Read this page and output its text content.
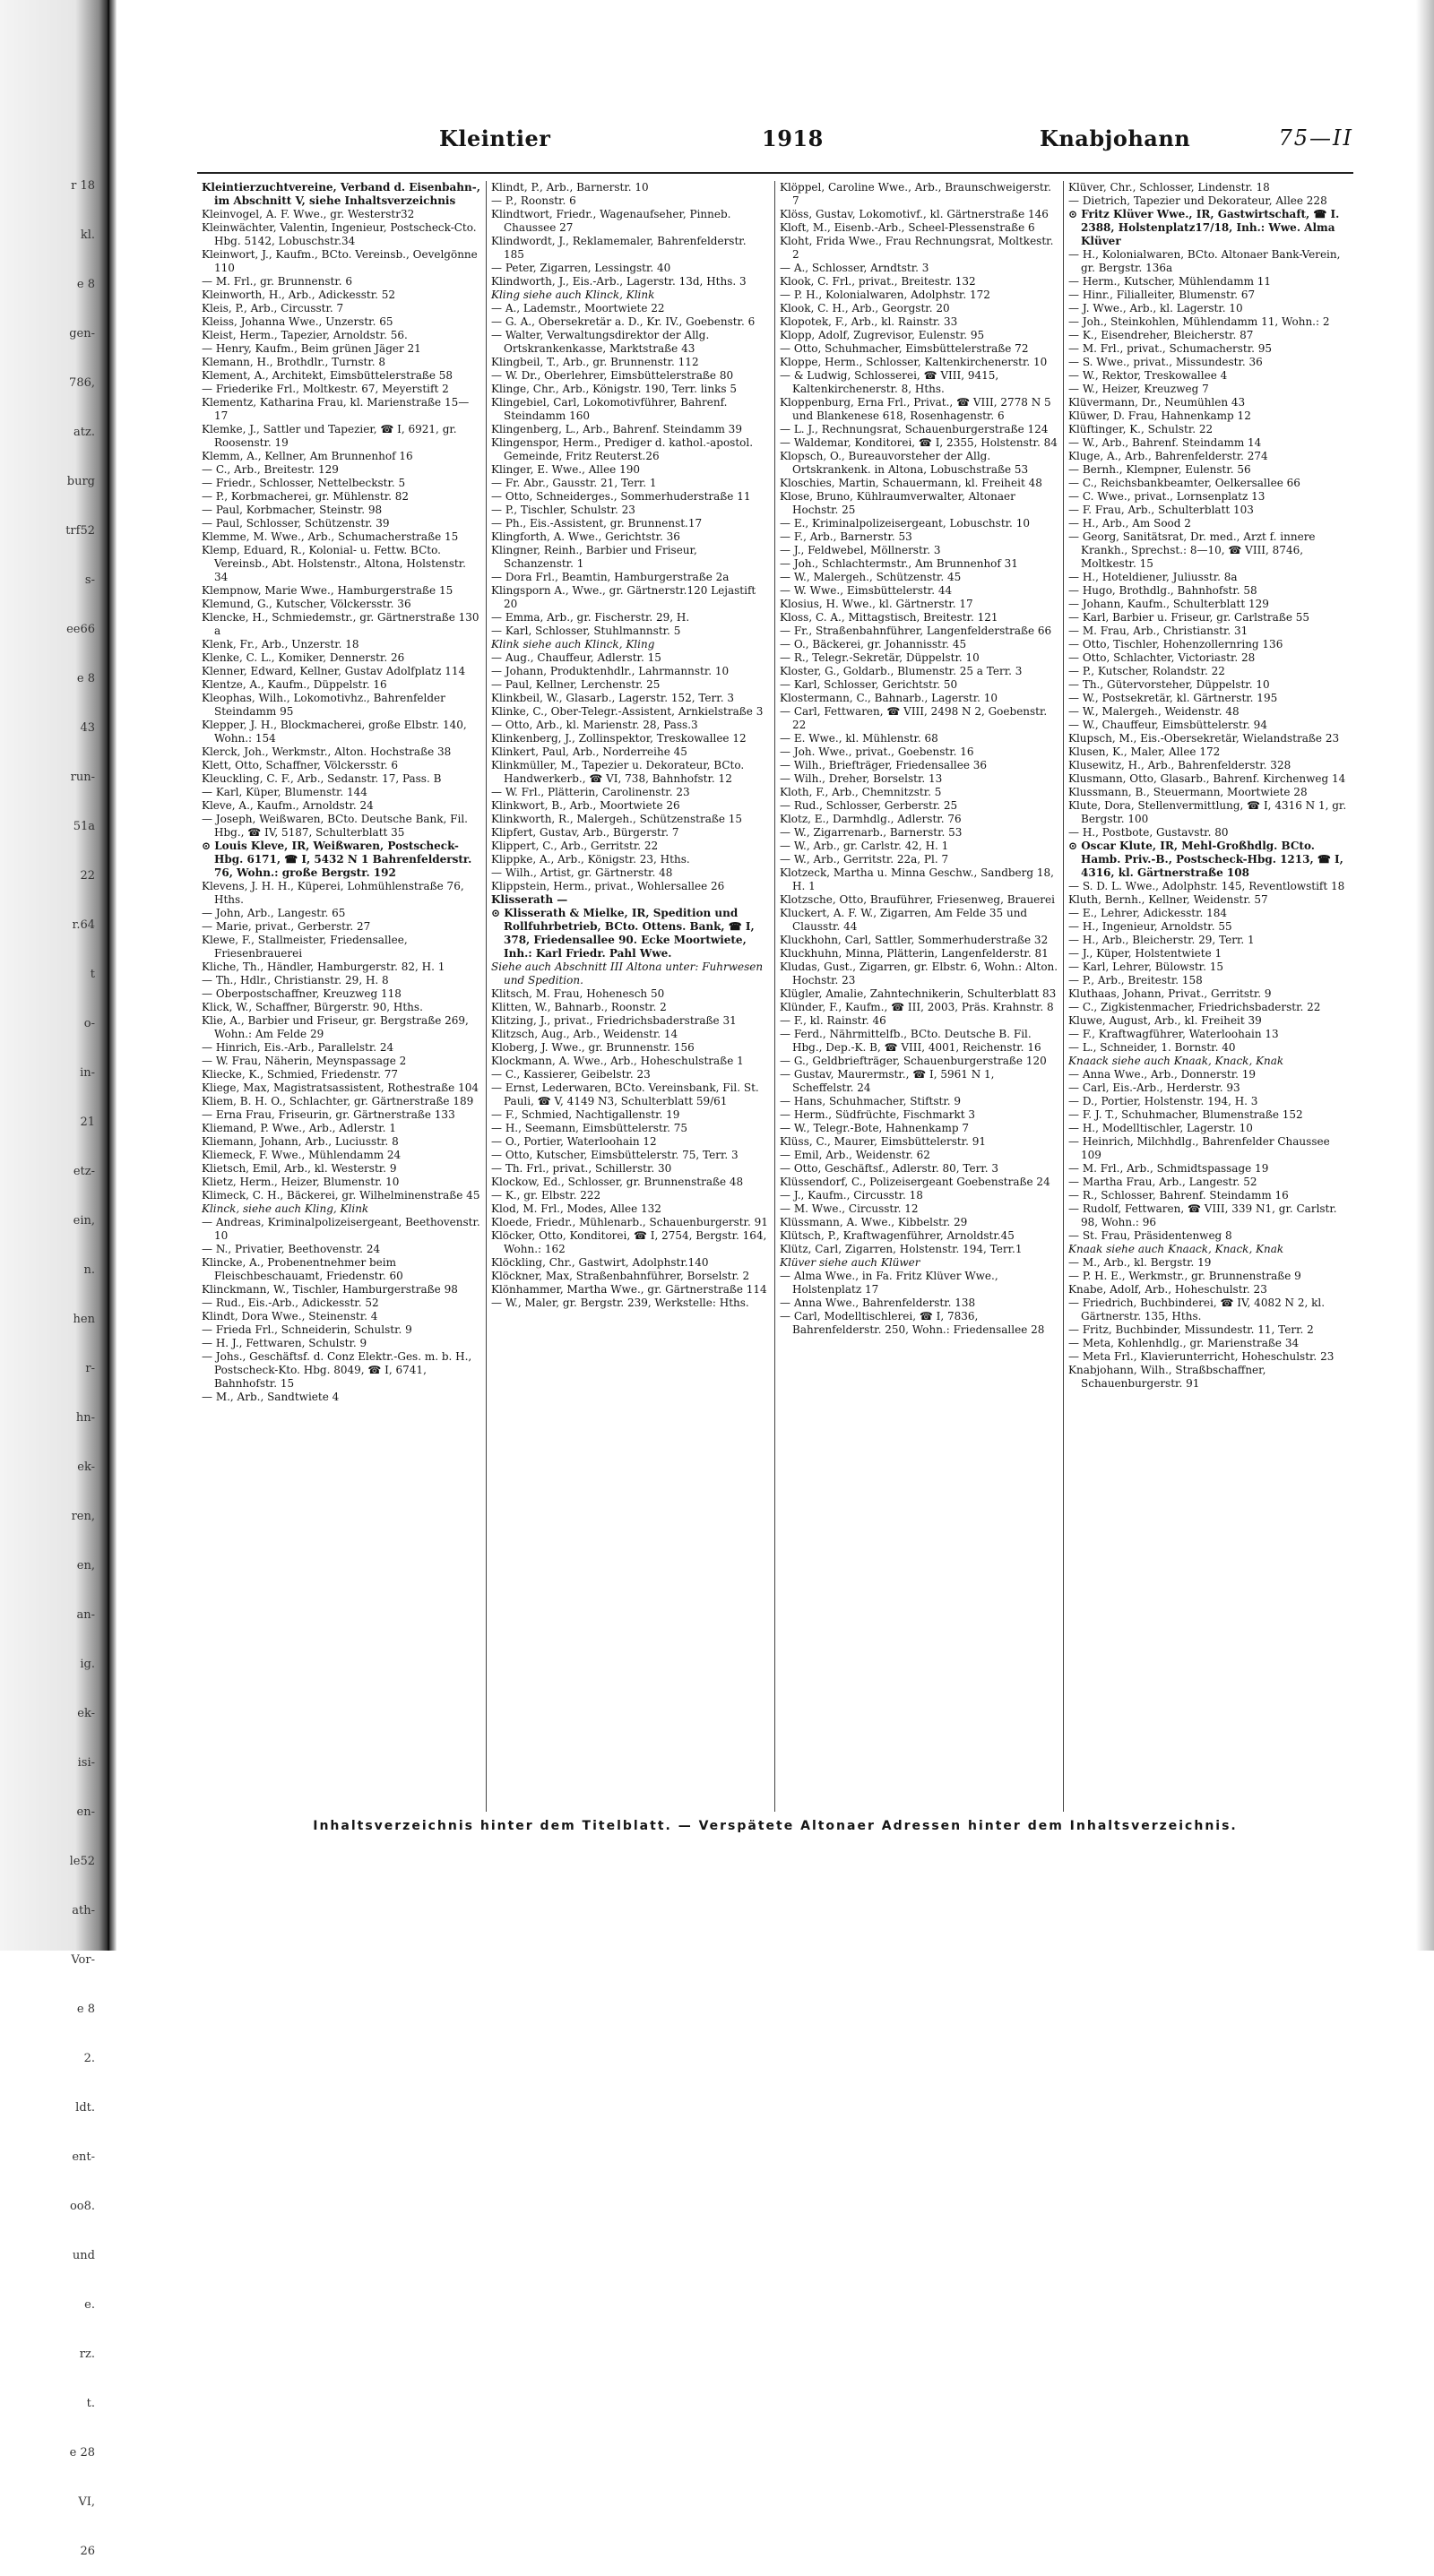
r 18
kl.
e 8
gen-
786,
atz.
burg
trf52
s-
ee66
e 8
43
run-
51a
22
r.64
t
o-
in-
21
etz-
ein,
n.
hen
r-
hn-
ek-
ren,
en,
an-
ig.
ek-
isi-
en-
le52
ath-
Vor-
e 8
2.
ldt.
ent-
oo8.
und
e.
rz.
t.
e 28
VI,
26
Kleintier	1918	Knabjohann	75—II

Kleintierzuchtvereine, Verband d. Eisenbahn-, im Abschnitt V, siehe Inhaltsverzeichnis

Kleinvogel, A. F. Wwe., gr. Westerstr32

Kleinwächter, Valentin, Ingenieur, Postscheck-Cto. Hbg. 5142, Lobuschstr.34

Kleinwort, J., Kaufm., BCto. Vereinsb., Oevelgönne 110

— M. Frl., gr. Brunnenstr. 6

Kleinworth, H., Arb., Adickesstr. 52

Kleis, P., Arb., Circusstr. 7

Kleiss, Johanna Wwe., Unzerstr. 65

Kleist, Herm., Tapezier, Arnoldstr. 56.

— Henry, Kaufm., Beim grünen Jäger 21

Klemann, H., Brothdlr., Turnstr. 8

Klement, A., Architekt, Eimsbüttelerstraße 58

— Friederike Frl., Moltkestr. 67, Meyerstift 2

Klementz, Katharina Frau, kl. Marienstraße 15—17

Klemke, J., Sattler und Tapezier, ☎ I, 6921, gr. Roosenstr. 19

Klemm, A., Kellner, Am Brunnenhof 16

— C., Arb., Breitestr. 129

— Friedr., Schlosser, Nettelbeckstr. 5

— P., Korbmacherei, gr. Mühlenstr. 82

— Paul, Korbmacher, Steinstr. 98

— Paul, Schlosser, Schützenstr. 39

Klemme, M. Wwe., Arb., Schumacherstraße 15

Klemp, Eduard, R., Kolonial- u. Fettw. BCto. Vereinsb., Abt. Holstenstr., Altona, Holstenstr. 34

Klempnow, Marie Wwe., Hamburgerstraße 15

Klemund, G., Kutscher, Völckersstr. 36

Klencke, H., Schmiedemstr., gr. Gärtnerstraße 130 a

Klenk, Fr., Arb., Unzerstr. 18

Klenke, C. L., Komiker, Dennerstr. 26

Klenner, Edward, Kellner, Gustav Adolfplatz 114

Klentze, A., Kaufm., Düppelstr. 16

Kleophas, Wilh., Lokomotivhz., Bahrenfelder Steindamm 95

Klepper, J. H., Blockmacherei, große Elbstr. 140, Wohn.: 154

Klerck, Joh., Werkmstr., Alton. Hochstraße 38

Klett, Otto, Schaffner, Völckersstr. 6

Kleuckling, C. F., Arb., Sedanstr. 17, Pass. B

— Karl, Küper, Blumenstr. 144

Kleve, A., Kaufm., Arnoldstr. 24

— Joseph, Weißwaren, BCto. Deutsche Bank, Fil. Hbg., ☎ IV, 5187, Schulterblatt 35

⊙ Louis Kleve, IR, Weißwaren, Postscheck-Hbg. 6171, ☎ I, 5432 N 1 Bahrenfelderstr. 76, Wohn.: große Bergstr. 192

Klevens, J. H. H., Küperei, Lohmühlenstraße 76, Hths.

— John, Arb., Langestr. 65

— Marie, privat., Gerberstr. 27

Klewe, F., Stallmeister, Friedensallee, Friesenbrauerei

Kliche, Th., Händler, Hamburgerstr. 82, H. 1

— Th., Hdlr., Christianstr. 29, H. 8

— Oberpostschaffner, Kreuzweg 118

Klick, W., Schaffner, Bürgerstr. 90, Hths.

Klie, A., Barbier und Friseur, gr. Bergstraße 269, Wohn.: Am Felde 29

— Hinrich, Eis.-Arb., Parallelstr. 24

— W. Frau, Näherin, Meynspassage 2

Kliecke, K., Schmied, Friedenstr. 77

Kliege, Max, Magistratsassistent, Rothestraße 104

Kliem, B. H. O., Schlachter, gr. Gärtnerstraße 189

— Erna Frau, Friseurin, gr. Gärtnerstraße 133

Kliemand, P. Wwe., Arb., Adlerstr. 1

Kliemann, Johann, Arb., Luciusstr. 8

Kliemeck, F. Wwe., Mühlendamm 24

Klietsch, Emil, Arb., kl. Westerstr. 9

Klietz, Herm., Heizer, Blumenstr. 10

Klimeck, C. H., Bäckerei, gr. Wilhelminenstraße 45

Klinck, siehe auch Kling, Klink

— Andreas, Kriminalpolizeisergeant, Beethovenstr. 10

— N., Privatier, Beethovenstr. 24

Klincke, A., Probenentnehmer beim Fleischbeschauamt, Friedenstr. 60

Klinckmann, W., Tischler, Hamburgerstraße 98

— Rud., Eis.-Arb., Adickesstr. 52

Klindt, Dora Wwe., Steinenstr. 4

— Frieda Frl., Schneiderin, Schulstr. 9

— H. J., Fettwaren, Schulstr. 9

— Johs., Geschäftsf. d. Conz Elektr.-Ges. m. b. H., Postscheck-Kto. Hbg. 8049, ☎ I, 6741, Bahnhofstr. 15

— M., Arb., Sandtwiete 4

Klindt, P., Arb., Barnerstr. 10

— P., Roonstr. 6

Klindtwort, Friedr., Wagenaufseher, Pinneb. Chaussee 27

Klindwordt, J., Reklamemaler, Bahrenfelderstr. 185

— Peter, Zigarren, Lessingstr. 40

Klindworth, J., Eis.-Arb., Lagerstr. 13d, Hths. 3

Kling siehe auch Klinck, Klink

— A., Lademstr., Moortwiete 22

— G. A., Obersekretär a. D., Kr. IV., Goebenstr. 6

— Walter, Verwaltungsdirektor der Allg. Ortskrankenkasse, Marktstraße 43

Klingbeil, T., Arb., gr. Brunnenstr. 112

— W. Dr., Oberlehrer, Eimsbüttelerstraße 80

Klinge, Chr., Arb., Königstr. 190, Terr. links 5

Klingebiel, Carl, Lokomotivführer, Bahrenf. Steindamm 160

Klingenberg, L., Arb., Bahrenf. Steindamm 39

Klingenspor, Herm., Prediger d. kathol.-apostol. Gemeinde, Fritz Reuterst.26

Klinger, E. Wwe., Allee 190

— Fr. Abr., Gausstr. 21, Terr. 1

— Otto, Schneiderges., Sommerhuderstraße 11

— P., Tischler, Schulstr. 23

— Ph., Eis.-Assistent, gr. Brunnenst.17

Klingforth, A. Wwe., Gerichtstr. 36

Klingner, Reinh., Barbier und Friseur, Schanzenstr. 1

— Dora Frl., Beamtin, Hamburgerstraße 2a

Klingsporn A., Wwe., gr. Gärtnerstr.120 Lejastift 20

— Emma, Arb., gr. Fischerstr. 29, H.

— Karl, Schlosser, Stuhlmannstr. 5

Klink siehe auch Klinck, Kling

— Aug., Chauffeur, Adlerstr. 15

— Johann, Produktenhdlr., Lahrmannstr. 10

— Paul, Kellner, Lerchenstr. 25

Klinkbeil, W., Glasarb., Lagerstr. 152, Terr. 3

Klinke, C., Ober-Telegr.-Assistent, Arnkielstraße 3

— Otto, Arb., kl. Marienstr. 28, Pass.3

Klinkenberg, J., Zollinspektor, Treskowallee 12

Klinkert, Paul, Arb., Norderreihe 45

Klinkmüller, M., Tapezier u. Dekorateur, BCto. Handwerkerb., ☎ VI, 738, Bahnhofstr. 12

— W. Frl., Plätterin, Carolinenstr. 23

Klinkwort, B., Arb., Moortwiete 26

Klinkworth, R., Malergeh., Schützenstraße 15

Klipfert, Gustav, Arb., Bürgerstr. 7

Klippert, C., Arb., Gerritstr. 22

Klippke, A., Arb., Königstr. 23, Hths.

— Wilh., Artist, gr. Gärtnerstr. 48

Klippstein, Herm., privat., Wohlersallee 26

Klisserath —

⊙ Klisserath & Mielke, IR, Spedition und Rollfuhrbetrieb, BCto. Ottens. Bank, ☎ I, 378, Friedensallee 90. Ecke Moortwiete, Inh.: Karl Friedr. Pahl Wwe.

Siehe auch Abschnitt III Altona unter: Fuhrwesen und Spedition.

Klitsch, M. Frau, Hohenesch 50

Klitten, W., Bahnarb., Roonstr. 2

Klitzing, J., privat., Friedrichsbaderstraße 31

Klitzsch, Aug., Arb., Weidenstr. 14

Kloberg, J. Wwe., gr. Brunnenstr. 156

Klockmann, A. Wwe., Arb., Hoheschulstraße 1

— C., Kassierer, Geibelstr. 23

— Ernst, Lederwaren, BCto. Vereinsbank, Fil. St. Pauli, ☎ V, 4149 N3, Schulterblatt 59/61

— F., Schmied, Nachtigallenstr. 19

— H., Seemann, Eimsbüttelerstr. 75

— O., Portier, Waterloohain 12

— Otto, Kutscher, Eimsbüttelerstr. 75, Terr. 3

— Th. Frl., privat., Schillerstr. 30

Klockow, Ed., Schlosser, gr. Brunnenstraße 48

— K., gr. Elbstr. 222

Klod, M. Frl., Modes, Allee 132

Kloede, Friedr., Mühlenarb., Schauenburgerstr. 91

Klöcker, Otto, Konditorei, ☎ I, 2754, Bergstr. 164, Wohn.: 162

Klöckling, Chr., Gastwirt, Adolphstr.140

Klöckner, Max, Straßenbahnführer, Borselstr. 2

Klönhammer, Martha Wwe., gr. Gärtnerstraße 114

— W., Maler, gr. Bergstr. 239, Werkstelle: Hths.

Klöppel, Caroline Wwe., Arb., Braunschweigerstr. 7

Klöss, Gustav, Lokomotivf., kl. Gärtnerstraße 146

Kloft, M., Eisenb.-Arb., Scheel-Plessenstraße 6

Kloht, Frida Wwe., Frau Rechnungsrat, Moltkestr. 2

— A., Schlosser, Arndtstr. 3

Klook, C. Frl., privat., Breitestr. 132

— P. H., Kolonialwaren, Adolphstr. 172

Klook, C. H., Arb., Georgstr. 20

Klopotek, F., Arb., kl. Rainstr. 33

Klopp, Adolf, Zugrevisor, Eulenstr. 95

— Otto, Schuhmacher, Eimsbüttelerstraße 72

Kloppe, Herm., Schlosser, Kaltenkirchenerstr. 10

— & Ludwig, Schlosserei, ☎ VIII, 9415, Kaltenkirchenerstr. 8, Hths.

Kloppenburg, Erna Frl., Privat., ☎ VIII, 2778 N 5 und Blankenese 618, Rosenhagenstr. 6

— L. J., Rechnungsrat, Schauenburgerstraße 124

— Waldemar, Konditorei, ☎ I, 2355, Holstenstr. 84

Klopsch, O., Bureauvorsteher der Allg. Ortskrankenk. in Altona, Lobuschstraße 53

Kloschies, Martin, Schauermann, kl. Freiheit 48

Klose, Bruno, Kühlraumverwalter, Altonaer Hochstr. 25

— E., Kriminalpolizeisergeant, Lobuschstr. 10

— F., Arb., Barnerstr. 53

— J., Feldwebel, Möllnerstr. 3

— Joh., Schlachtermstr., Am Brunnenhof 31

— W., Malergeh., Schützenstr. 45

— W. Wwe., Eimsbüttelerstr. 44

Klosius, H. Wwe., kl. Gärtnerstr. 17

Kloss, C. A., Mittagstisch, Breitestr. 121

— Fr., Straßenbahnführer, Langenfelderstraße 66

— O., Bäckerei, gr. Johannisstr. 45

— R., Telegr.-Sekretär, Düppelstr. 10

Kloster, G., Goldarb., Blumenstr. 25 a Terr. 3

— Karl, Schlosser, Gerichtstr. 50

Klostermann, C., Bahnarb., Lagerstr. 10

— Carl, Fettwaren, ☎ VIII, 2498 N 2, Goebenstr. 22

— E. Wwe., kl. Mühlenstr. 68

— Joh. Wwe., privat., Goebenstr. 16

— Wilh., Briefträger, Friedensallee 36

— Wilh., Dreher, Borselstr. 13

Kloth, F., Arb., Chemnitzstr. 5

— Rud., Schlosser, Gerberstr. 25

Klotz, E., Darmhdlg., Adlerstr. 76

— W., Zigarrenarb., Barnerstr. 53

— W., Arb., gr. Carlstr. 42, H. 1

— W., Arb., Gerritstr. 22a, Pl. 7

Klotzeck, Martha u. Minna Geschw., Sandberg 18, H. 1

Klotzsche, Otto, Brauführer, Friesenweg, Brauerei

Kluckert, A. F. W., Zigarren, Am Felde 35 und Clausstr. 44

Kluckhohn, Carl, Sattler, Sommerhuderstraße 32

Kluckhuhn, Minna, Plätterin, Langenfelderstr. 81

Kludas, Gust., Zigarren, gr. Elbstr. 6, Wohn.: Alton. Hochstr. 23

Klügler, Amalie, Zahntechnikerin, Schulterblatt 83

Klünder, F., Kaufm., ☎ III, 2003, Präs. Krahnstr. 8

— F., kl. Rainstr. 46

— Ferd., Nährmittelfb., BCto. Deutsche B. Fil. Hbg., Dep.-K. B, ☎ VIII, 4001, Reichenstr. 16

— G., Geldbriefträger, Schauenburgerstraße 120

— Gustav, Maurermstr., ☎ I, 5961 N 1, Scheffelstr. 24

— Hans, Schuhmacher, Stiftstr. 9

— Herm., Südfrüchte, Fischmarkt 3

— W., Telegr.-Bote, Hahnenkamp 7

Klüss, C., Maurer, Eimsbüttelerstr. 91

— Emil, Arb., Weidenstr. 62

— Otto, Geschäftsf., Adlerstr. 80, Terr. 3

Klüssendorf, C., Polizeisergeant Goebenstraße 24

— J., Kaufm., Circusstr. 18

— M. Wwe., Circusstr. 12

Klüssmann, A. Wwe., Kibbelstr. 29

Klütsch, P., Kraftwagenführer, Arnoldstr.45

Klütz, Carl, Zigarren, Holstenstr. 194, Terr.1

Klüver siehe auch Klüwer

— Alma Wwe., in Fa. Fritz Klüver Wwe., Holstenplatz 17

— Anna Wwe., Bahrenfelderstr. 138

— Carl, Modelltischlerei, ☎ I, 7836, Bahrenfelderstr. 250, Wohn.: Friedensallee 28

Klüver, Chr., Schlosser, Lindenstr. 18

— Dietrich, Tapezier und Dekorateur, Allee 228

⊙ Fritz Klüver Wwe., IR, Gastwirtschaft, ☎ I. 2388, Holstenplatz17/18, Inh.: Wwe. Alma Klüver

— H., Kolonialwaren, BCto. Altonaer Bank-Verein, gr. Bergstr. 136a

— Herm., Kutscher, Mühlendamm 11

— Hinr., Filialleiter, Blumenstr. 67

— J. Wwe., Arb., kl. Lagerstr. 10

— Joh., Steinkohlen, Mühlendamm 11, Wohn.: 2

— K., Eisendreher, Bleicherstr. 87

— M. Frl., privat., Schumacherstr. 95

— S. Wwe., privat., Missundestr. 36

— W., Rektor, Treskowallee 4

— W., Heizer, Kreuzweg 7

Klüvermann, Dr., Neumühlen 43

Klüwer, D. Frau, Hahnenkamp 12

Klüftinger, K., Schulstr. 22

— W., Arb., Bahrenf. Steindamm 14

Kluge, A., Arb., Bahrenfelderstr. 274

— Bernh., Klempner, Eulenstr. 56

— C., Reichsbankbeamter, Oelkersallee 66

— C. Wwe., privat., Lornsenplatz 13

— F. Frau, Arb., Schulterblatt 103

— H., Arb., Am Sood 2

— Georg, Sanitätsrat, Dr. med., Arzt f. innere Krankh., Sprechst.: 8—10, ☎ VIII, 8746, Moltkestr. 15

— H., Hoteldiener, Juliusstr. 8a

— Hugo, Brothdlg., Bahnhofstr. 58

— Johann, Kaufm., Schulterblatt 129

— Karl, Barbier u. Friseur, gr. Carlstraße 55

— M. Frau, Arb., Christianstr. 31

— Otto, Tischler, Hohenzollernring 136

— Otto, Schlachter, Victoriastr. 28

— P., Kutscher, Rolandstr. 22

— Th., Gütervorsteher, Düppelstr. 10

— W., Postsekretär, kl. Gärtnerstr. 195

— W., Malergeh., Weidenstr. 48

— W., Chauffeur, Eimsbüttelerstr. 94

Klupsch, M., Eis.-Obersekretär, Wielandstraße 23

Klusen, K., Maler, Allee 172

Klusewitz, H., Arb., Bahrenfelderstr. 328

Klusmann, Otto, Glasarb., Bahrenf. Kirchenweg 14

Klussmann, B., Steuermann, Moortwiete 28

Klute, Dora, Stellenvermittlung, ☎ I, 4316 N 1, gr. Bergstr. 100

— H., Postbote, Gustavstr. 80

⊙ Oscar Klute, IR, Mehl-Großhdlg. BCto. Hamb. Priv.-B., Postscheck-Hbg. 1213, ☎ I, 4316, kl. Gärtnerstraße 108

— S. D. L. Wwe., Adolphstr. 145, Reventlowstift 18

Kluth, Bernh., Kellner, Weidenstr. 57

— E., Lehrer, Adickesstr. 184

— H., Ingenieur, Arnoldstr. 55

— H., Arb., Bleicherstr. 29, Terr. 1

— J., Küper, Holstentwiete 1

— Karl, Lehrer, Bülowstr. 15

— P., Arb., Breitestr. 158

Kluthaas, Johann, Privat., Gerritstr. 9

— C., Zigkistenmacher, Friedrichsbaderstr. 22

Kluwe, August, Arb., kl. Freiheit 39

— F., Kraftwagführer, Waterloohain 13

— L., Schneider, 1. Bornstr. 40

Knaack siehe auch Knaak, Knack, Knak

— Anna Wwe., Arb., Donnerstr. 19

— Carl, Eis.-Arb., Herderstr. 93

— D., Portier, Holstenstr. 194, H. 3

— F. J. T., Schuhmacher, Blumenstraße 152

— H., Modelltischler, Lagerstr. 10

— Heinrich, Milchhdlg., Bahrenfelder Chaussee 109

— M. Frl., Arb., Schmidtspassage 19

— Martha Frau, Arb., Langestr. 52

— R., Schlosser, Bahrenf. Steindamm 16

— Rudolf, Fettwaren, ☎ VIII, 339 N1, gr. Carlstr. 98, Wohn.: 96

— St. Frau, Präsidentenweg 8

Knaak siehe auch Knaack, Knack, Knak

— M., Arb., kl. Bergstr. 19

— P. H. E., Werkmstr., gr. Brunnenstraße 9

Knabe, Adolf, Arb., Hoheschulstr. 23

— Friedrich, Buchbinderei, ☎ IV, 4082 N 2, kl. Gärtnerstr. 135, Hths.

— Fritz, Buchbinder, Missundestr. 11, Terr. 2

— Meta, Kohlenhdlg., gr. Marienstraße 34

— Meta Frl., Klavierunterricht, Hoheschulstr. 23

Knabjohann, Wilh., Straßbschaffner, Schauenburgerstr. 91

Inhaltsverzeichnis hinter dem Titelblatt. — Verspätete Altonaer Adressen hinter dem Inhaltsverzeichnis.
